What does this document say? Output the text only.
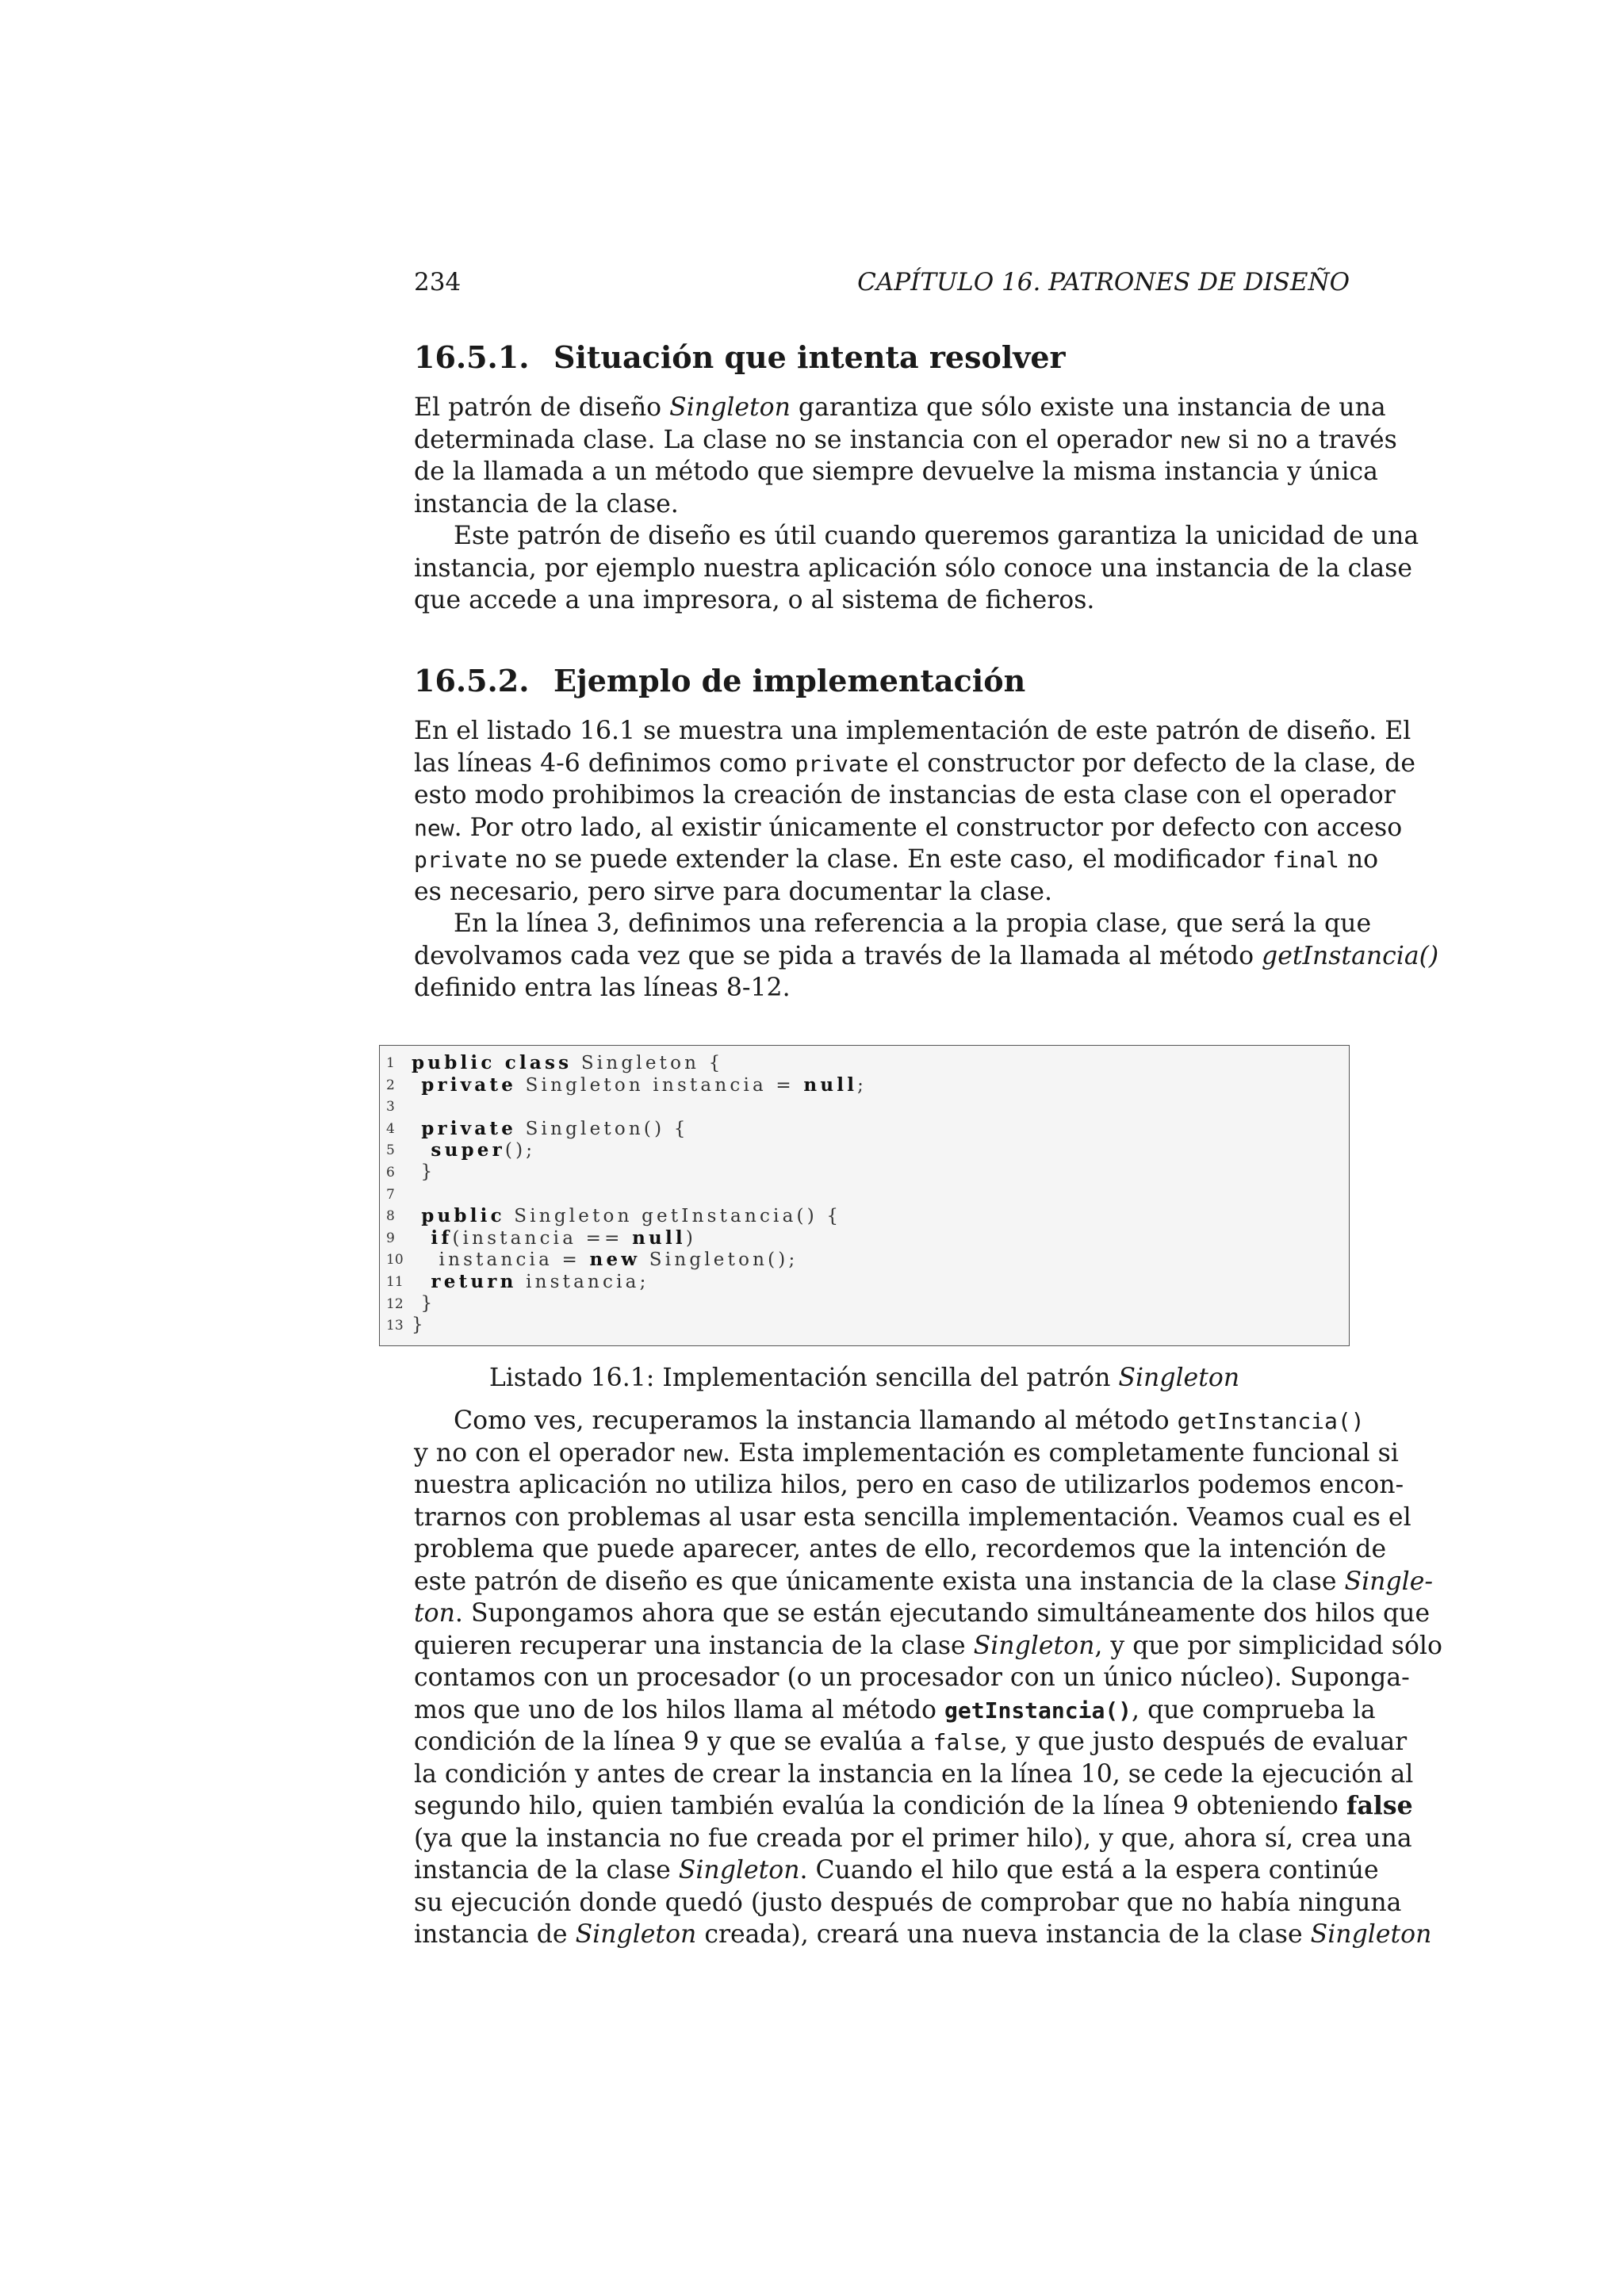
234	CAPÍTULO 16. PATRONES DE DISEÑO
16.5.1. Situación que intenta resolver
El patrón de diseño Singleton garantiza que sólo existe una instancia de una
determinada clase. La clase no se instancia con el operador new si no a través
de la llamada a un método que siempre devuelve la misma instancia y única
instancia de la clase.
Este patrón de diseño es útil cuando queremos garantiza la unicidad de una
instancia, por ejemplo nuestra aplicación sólo conoce una instancia de la clase
que accede a una impresora, o al sistema de ficheros.
16.5.2. Ejemplo de implementación
En el listado 16.1 se muestra una implementación de este patrón de diseño. El
las líneas 4-6 definimos como private el constructor por defecto de la clase, de
esto modo prohibimos la creación de instancias de esta clase con el operador
new. Por otro lado, al existir únicamente el constructor por defecto con acceso
private no se puede extender la clase. En este caso, el modificador final no
es necesario, pero sirve para documentar la clase.
En la línea 3, definimos una referencia a la propia clase, que será la que
devolvamos cada vez que se pida a través de la llamada al método getInstancia()
definido entra las líneas 8-12.
1 public class Singleton {
2 private Singleton instancia = null;
3
4 private Singleton() {
5 super();
6 }
7
8 public Singleton getInstancia() {
9 if(instancia == null)
10 instancia = new Singleton();
11 return instancia;
12 }
13 }
Listado 16.1: Implementación sencilla del patrón Singleton
Como ves, recuperamos la instancia llamando al método getInstancia()
y no con el operador new. Esta implementación es completamente funcional si
nuestra aplicación no utiliza hilos, pero en caso de utilizarlos podemos encon-
trarnos con problemas al usar esta sencilla implementación. Veamos cual es el
problema que puede aparecer, antes de ello, recordemos que la intención de
este patrón de diseño es que únicamente exista una instancia de la clase Single-
ton. Supongamos ahora que se están ejecutando simultáneamente dos hilos que
quieren recuperar una instancia de la clase Singleton, y que por simplicidad sólo
contamos con un procesador (o un procesador con un único núcleo). Suponga-
mos que uno de los hilos llama al método getInstancia(), que comprueba la
condición de la línea 9 y que se evalúa a false, y que justo después de evaluar
la condición y antes de crear la instancia en la línea 10, se cede la ejecución al
segundo hilo, quien también evalúa la condición de la línea 9 obteniendo false
(ya que la instancia no fue creada por el primer hilo), y que, ahora sí, crea una
instancia de la clase Singleton. Cuando el hilo que está a la espera continúe
su ejecución donde quedó (justo después de comprobar que no había ninguna
instancia de Singleton creada), creará una nueva instancia de la clase Singleton
